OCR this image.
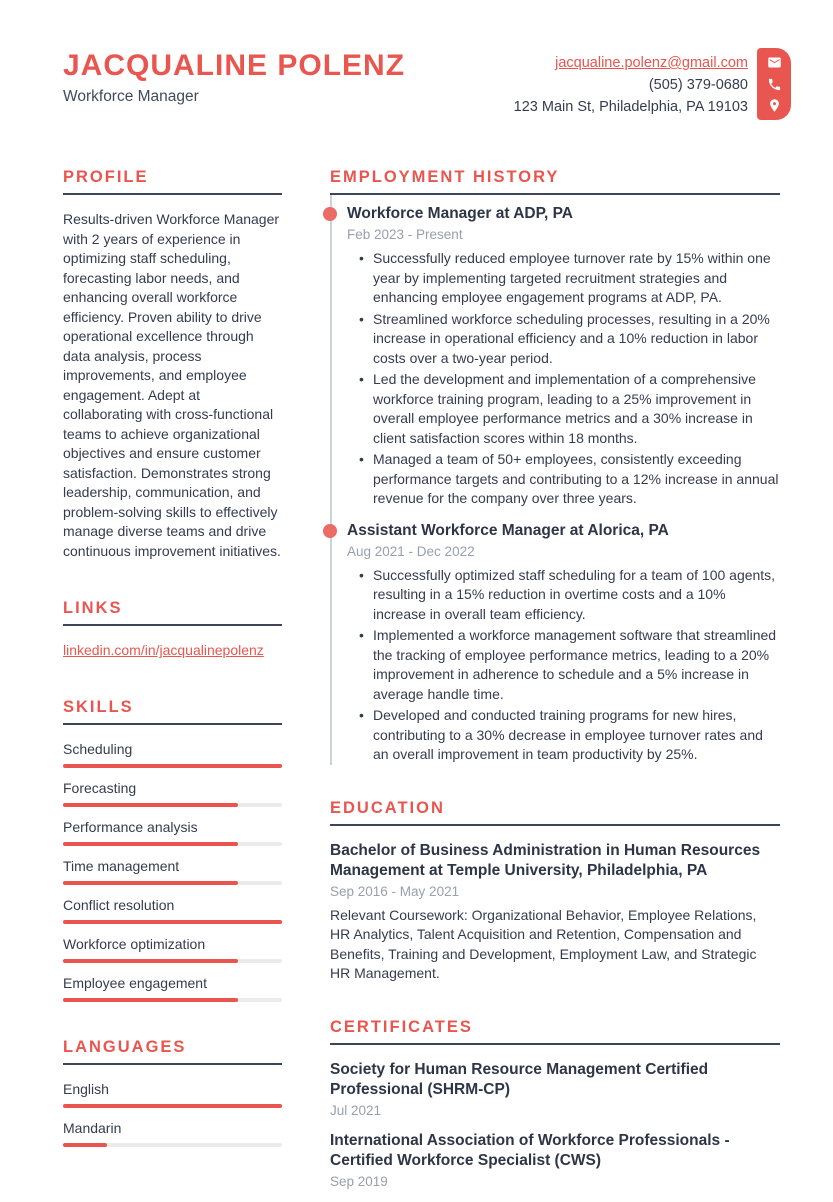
JACQUALINE POLENZ
Workforce Manager
jacqualine.polenz@gmail.com
(505) 379-0680
123 Main St, Philadelphia, PA 19103
PROFILE

Results-driven Workforce Manager with 2 years of experience in optimizing staff scheduling, forecasting labor needs, and enhancing overall workforce efficiency. Proven ability to drive operational excellence through data analysis, process improvements, and employee engagement. Adept at collaborating with cross-functional teams to achieve organizational objectives and ensure customer satisfaction. Demonstrates strong leadership, communication, and problem-solving skills to effectively manage diverse teams and drive continuous improvement initiatives.

LINKS
linkedin.com/in/jacqualinepolenz
SKILLS
Scheduling
Forecasting
Performance analysis
Time management
Conflict resolution
Workforce optimization
Employee engagement
LANGUAGES
English
Mandarin
EMPLOYMENT HISTORY
Workforce Manager at ADP, PA
Feb 2023 - Present
• Successfully reduced employee turnover rate by 15% within one year by implementing targeted recruitment strategies and enhancing employee engagement programs at ADP, PA.
• Streamlined workforce scheduling processes, resulting in a 20% increase in operational efficiency and a 10% reduction in labor costs over a two-year period.
• Led the development and implementation of a comprehensive workforce training program, leading to a 25% improvement in overall employee performance metrics and a 30% increase in client satisfaction scores within 18 months.
• Managed a team of 50+ employees, consistently exceeding performance targets and contributing to a 12% increase in annual revenue for the company over three years.
Assistant Workforce Manager at Alorica, PA
Aug 2021 - Dec 2022
• Successfully optimized staff scheduling for a team of 100 agents, resulting in a 15% reduction in overtime costs and a 10% increase in overall team efficiency.
• Implemented a workforce management software that streamlined the tracking of employee performance metrics, leading to a 20% improvement in adherence to schedule and a 5% increase in average handle time.
• Developed and conducted training programs for new hires, contributing to a 30% decrease in employee turnover rates and an overall improvement in team productivity by 25%.
EDUCATION
Bachelor of Business Administration in Human Resources Management at Temple University, Philadelphia, PA
Sep 2016 - May 2021
Relevant Coursework: Organizational Behavior, Employee Relations, HR Analytics, Talent Acquisition and Retention, Compensation and Benefits, Training and Development, Employment Law, and Strategic HR Management.
CERTIFICATES
Society for Human Resource Management Certified Professional (SHRM-CP)
Jul 2021
International Association of Workforce Professionals - Certified Workforce Specialist (CWS)
Sep 2019
